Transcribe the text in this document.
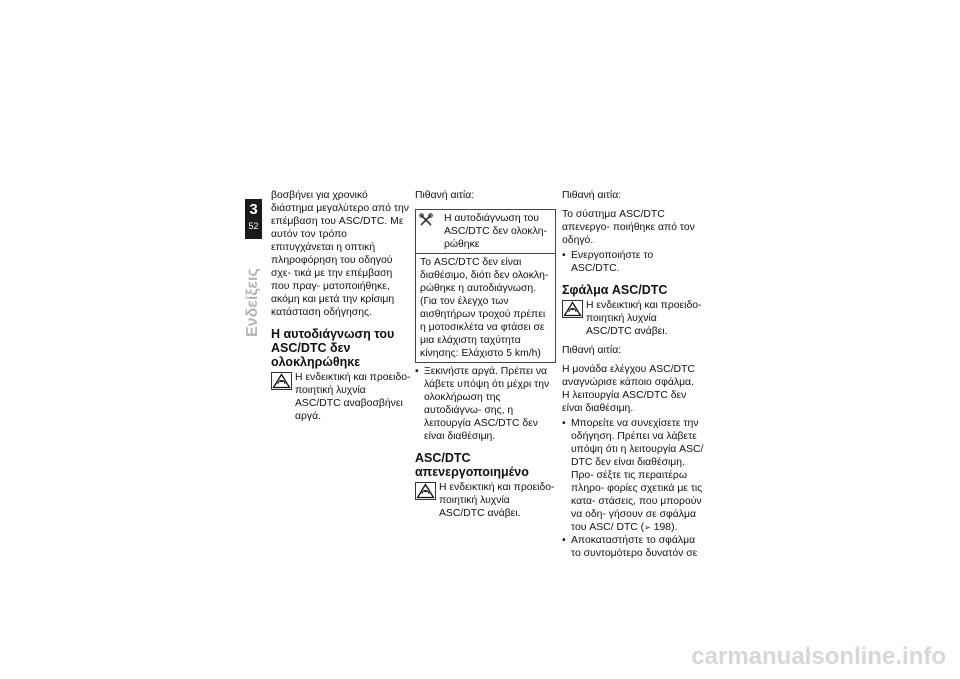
3
52
Ενδείξεις

βοσβήνει για χρονικό διάστημα μεγαλύτερο από την επέμβαση του ASC/DTC. Με αυτόν τον τρόπο επιτυγχάνεται η οπτική πληροφόρηση του οδηγού σχε- τικά με την επέμβαση που πραγ- ματοποιήθηκε, ακόμη και μετά την κρίσιμη κατάσταση οδήγησης.

Η αυτοδιάγνωση του ASC/DTC δεν ολοκληρώθηκε

Η ενδεικτική και προειδο- ποιητική λυχνία ASC/DTC αναβοσβήνει αργά.

Πιθανή αιτία:

Η αυτοδιάγνωση του ASC/DTC δεν ολοκλη- ρώθηκε

Το ASC/DTC δεν είναι διαθέσιμο, διότι δεν ολοκλη- ρώθηκε η αυτοδιάγνωση. (Για τον έλεγχο των αισθητήρων τροχού πρέπει η μοτοσικλέτα να φτάσει σε μια ελάχιστη ταχύτητα κίνησης: Ελάχιστο 5 km/h)

• Ξεκινήστε αργά. Πρέπει να λάβετε υπόψη ότι μέχρι την ολοκλήρωση της αυτοδιάγνω- σης, η λειτουργία ASC/DTC δεν είναι διαθέσιμη.
ASC/DTC απενεργοποιημένο

Η ενδεικτική και προειδο- ποιητική λυχνία ASC/DTC ανάβει.

Πιθανή αιτία:

Το σύστημα ASC/DTC απενεργο- ποιήθηκε από τον οδηγό.

• Ενεργοποιήστε το ASC/DTC.
Σφάλμα ASC/DTC

Η ενδεικτική και προειδο- ποιητική λυχνία ASC/DTC ανάβει.

Πιθανή αιτία:

Η μονάδα ελέγχου ASC/DTC αναγνώρισε κάποιο σφάλμα. Η λειτουργία ASC/DTC δεν είναι διαθέσιμη.

• Μπορείτε να συνεχίσετε την οδήγηση. Πρέπει να λάβετε υπόψη ότι η λειτουργία ASC/ DTC δεν είναι διαθέσιμη. Προ- σέξτε τις περαιτέρω πληρο- φορίες σχετικά με τις κατα- στάσεις, που μπορούν να οδη- γήσουν σε σφάλμα του ASC/ DTC (➢ 198).
• Αποκαταστήστε το σφάλμα το συντομότερο δυνατόν σε
carmanualsonline.info
